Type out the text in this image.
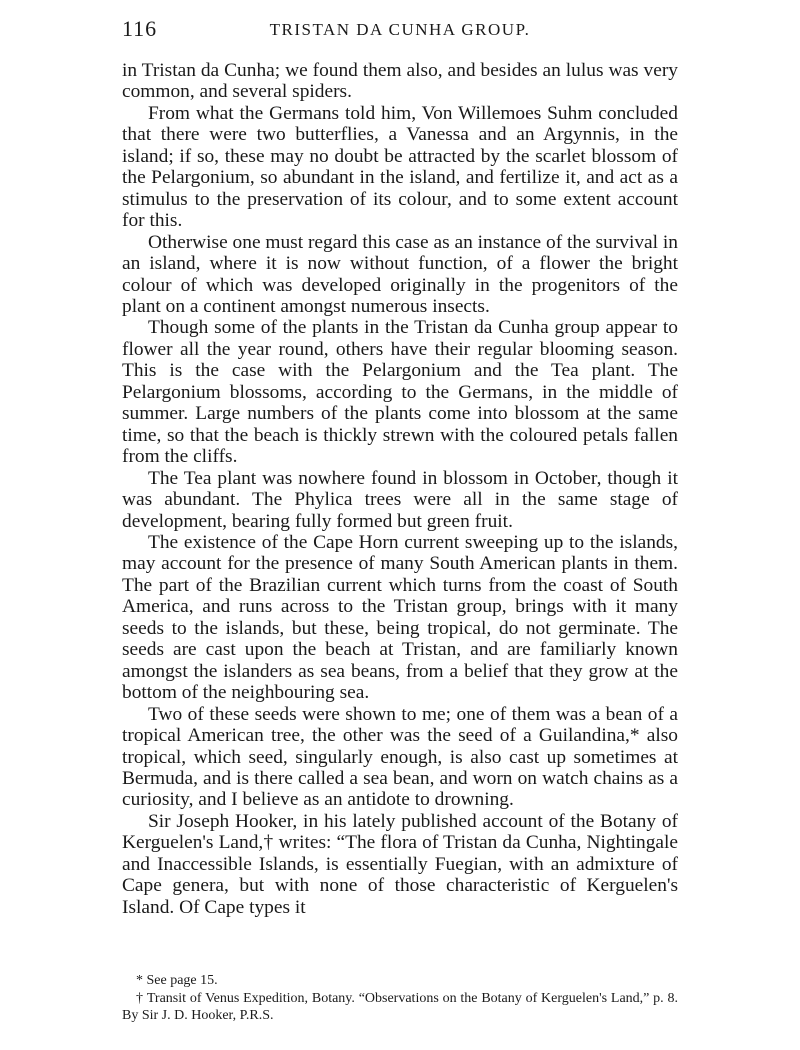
116	TRISTAN DA CUNHA GROUP.

in Tristan da Cunha; we found them also, and besides an lulus was very common, and several spiders.

From what the Germans told him, Von Willemoes Suhm concluded that there were two butterflies, a Vanessa and an Argynnis, in the island; if so, these may no doubt be attracted by the scarlet blossom of the Pelargonium, so abundant in the island, and fertilize it, and act as a stimulus to the preservation of its colour, and to some extent account for this.

Otherwise one must regard this case as an instance of the survival in an island, where it is now without function, of a flower the bright colour of which was developed originally in the progenitors of the plant on a continent amongst numerous insects.

Though some of the plants in the Tristan da Cunha group appear to flower all the year round, others have their regular blooming season. This is the case with the Pelargonium and the Tea plant. The Pelargonium blossoms, according to the Germans, in the middle of summer. Large numbers of the plants come into blossom at the same time, so that the beach is thickly strewn with the coloured petals fallen from the cliffs.

The Tea plant was nowhere found in blossom in October, though it was abundant. The Phylica trees were all in the same stage of development, bearing fully formed but green fruit.

The existence of the Cape Horn current sweeping up to the islands, may account for the presence of many South American plants in them. The part of the Brazilian current which turns from the coast of South America, and runs across to the Tristan group, brings with it many seeds to the islands, but these, being tropical, do not germinate. The seeds are cast upon the beach at Tristan, and are familiarly known amongst the islanders as sea beans, from a belief that they grow at the bottom of the neighbouring sea.

Two of these seeds were shown to me; one of them was a bean of a tropical American tree, the other was the seed of a Guilandina,* also tropical, which seed, singularly enough, is also cast up sometimes at Bermuda, and is there called a sea bean, and worn on watch chains as a curiosity, and I believe as an antidote to drowning.

Sir Joseph Hooker, in his lately published account of the Botany of Kerguelen's Land,† writes: “The flora of Tristan da Cunha, Nightingale and Inaccessible Islands, is essentially Fuegian, with an admixture of Cape genera, but with none of those characteristic of Kerguelen's Island. Of Cape types it

* See page 15.

† Transit of Venus Expedition, Botany. “Observations on the Botany of Kerguelen's Land,” p. 8. By Sir J. D. Hooker, P.R.S.
